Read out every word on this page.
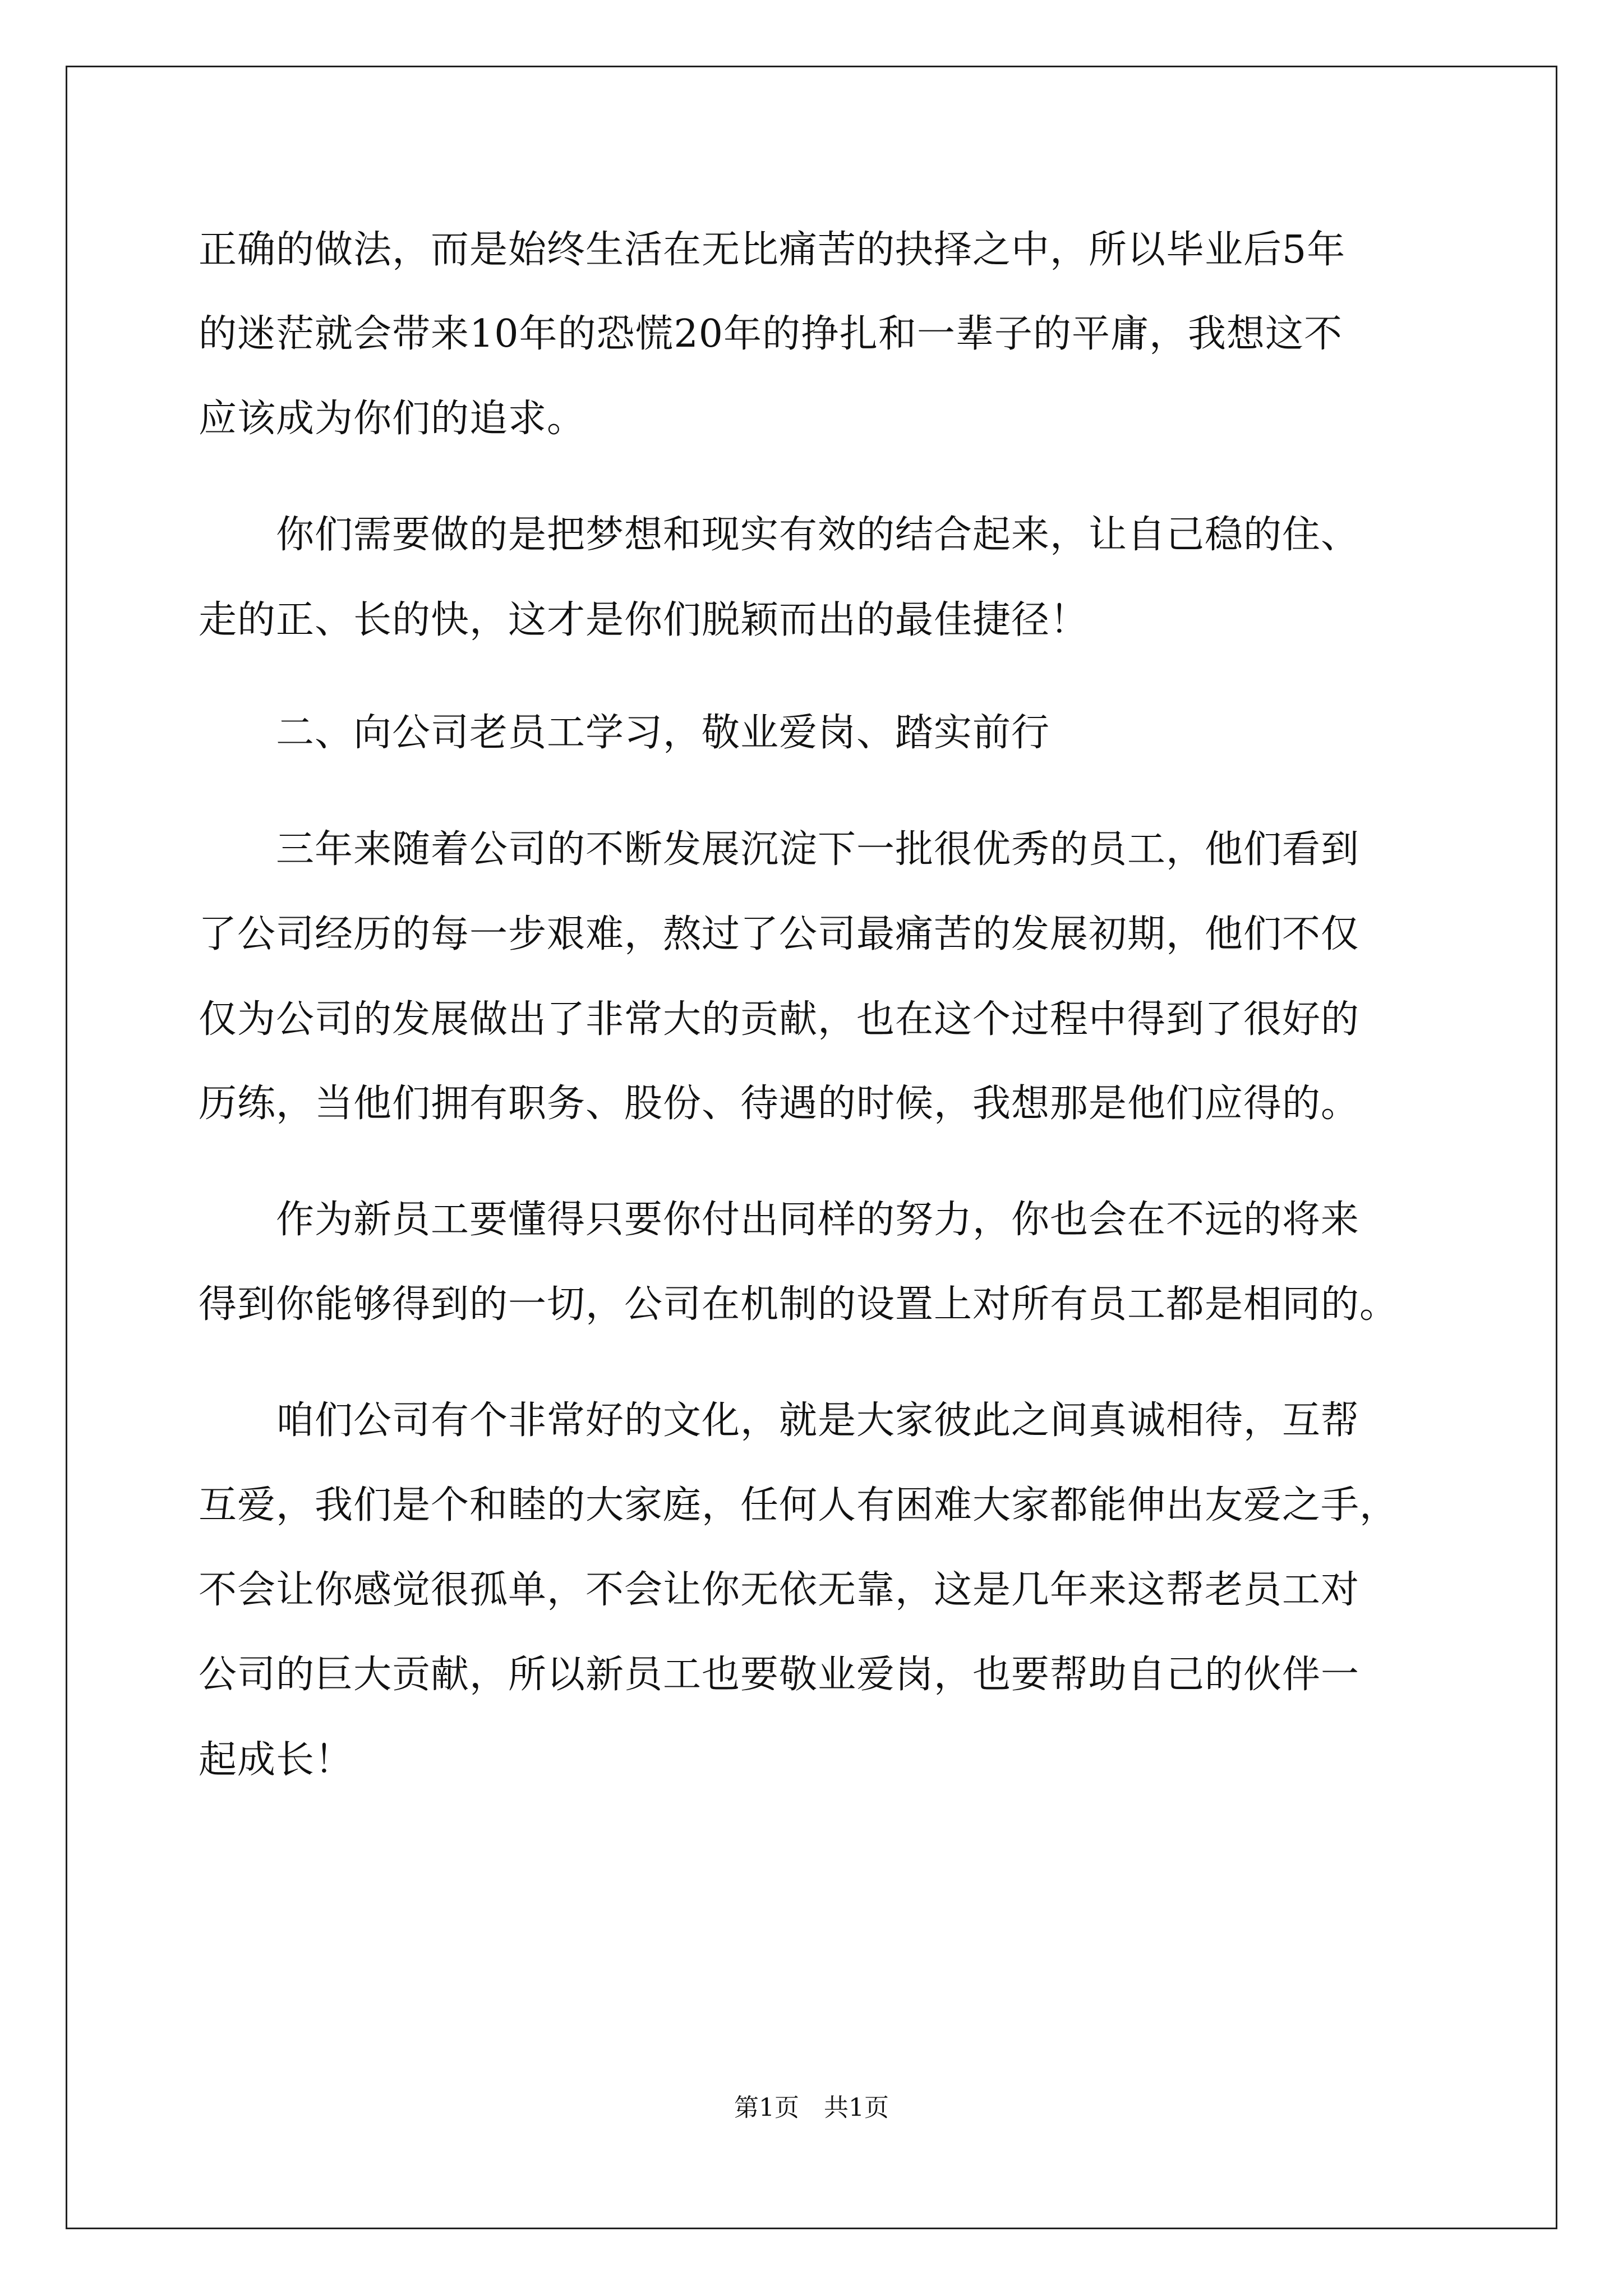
正确的做法，而是始终生活在无比痛苦的抉择之中，所以毕业后5年
的迷茫就会带来10年的恐慌20年的挣扎和一辈子的平庸，我想这不
应该成为你们的追求。
　　你们需要做的是把梦想和现实有效的结合起来，让自己稳的住、
走的正、长的快，这才是你们脱颖而出的最佳捷径！
　　二、向公司老员工学习，敬业爱岗、踏实前行
　　三年来随着公司的不断发展沉淀下一批很优秀的员工，他们看到
了公司经历的每一步艰难，熬过了公司最痛苦的发展初期，他们不仅
仅为公司的发展做出了非常大的贡献，也在这个过程中得到了很好的
历练，当他们拥有职务、股份、待遇的时候，我想那是他们应得的。
　　作为新员工要懂得只要你付出同样的努力，你也会在不远的将来
得到你能够得到的一切，公司在机制的设置上对所有员工都是相同的。
　　咱们公司有个非常好的文化，就是大家彼此之间真诚相待，互帮
互爱，我们是个和睦的大家庭，任何人有困难大家都能伸出友爱之手，
不会让你感觉很孤单，不会让你无依无靠，这是几年来这帮老员工对
公司的巨大贡献，所以新员工也要敬业爱岗，也要帮助自己的伙伴一
起成长！
第1页　共1页
